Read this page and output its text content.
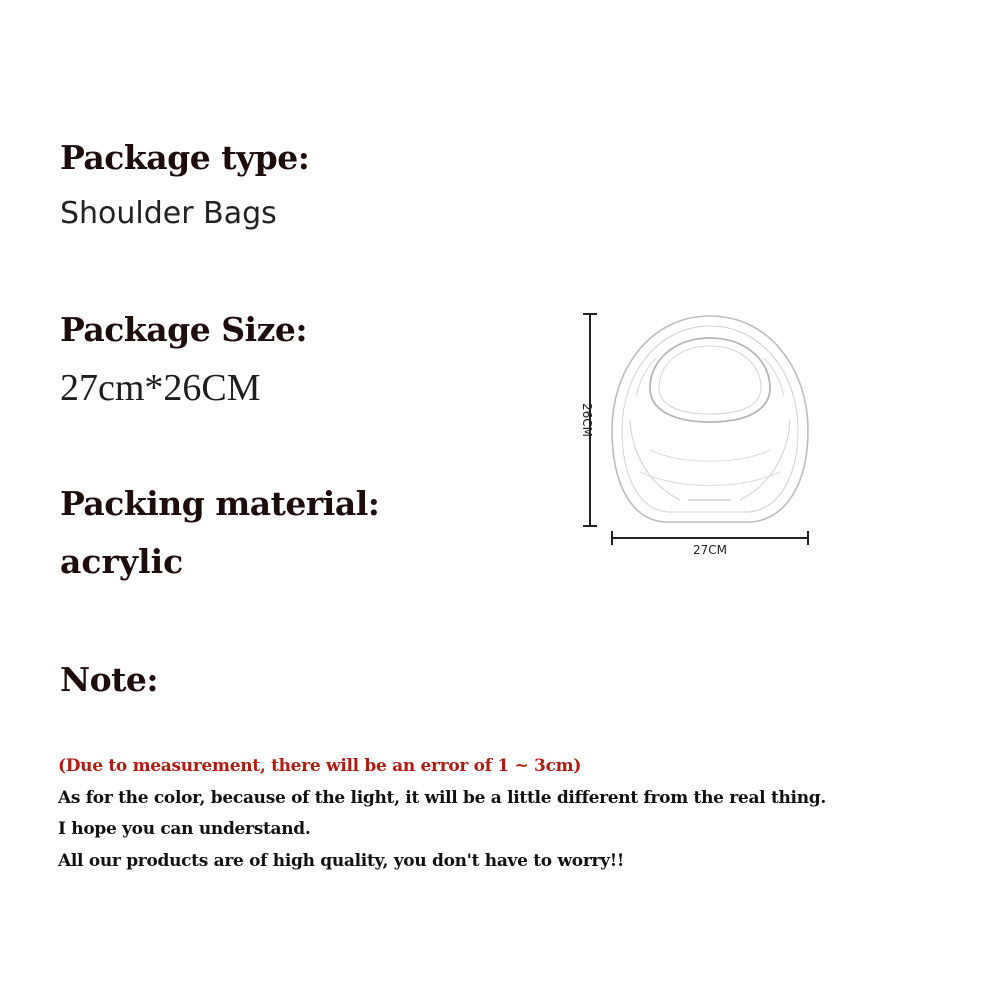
Package type:
Shoulder Bags
Package Size:
27cm*26CM
Packing material:
acrylic
Note:
(Due to measurement, there will be an error of 1 ~ 3cm)
As for the color, because of the light, it will be a little different from the real thing.
I hope you can understand.
All our products are of high quality, you don't have to worry!!
26CM
27CM
